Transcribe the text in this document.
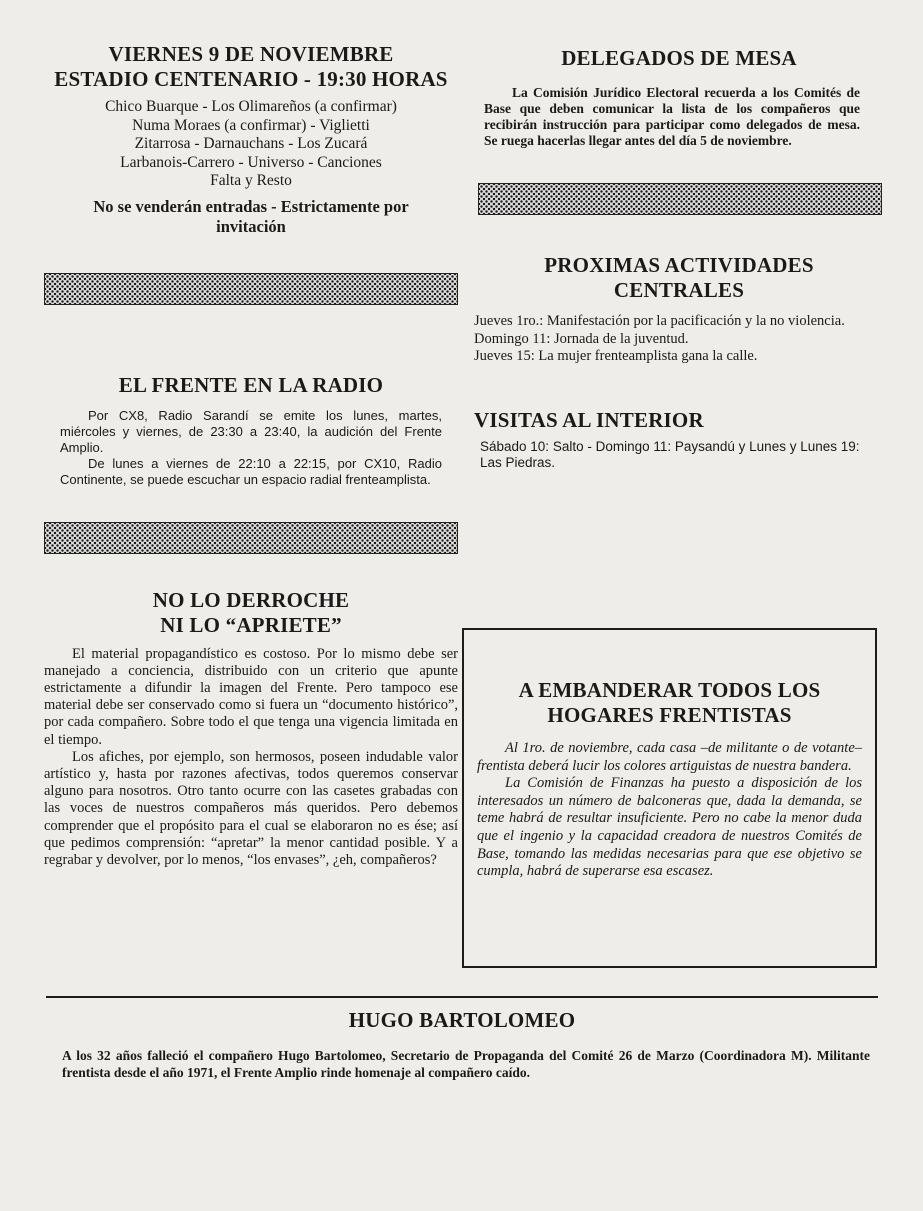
VIERNES 9 DE NOVIEMBRE
ESTADIO CENTENARIO - 19:30 HORAS
Chico Buarque - Los Olimareños (a confirmar)
Numa Moraes (a confirmar) - Viglietti
Zitarrosa - Darnauchans - Los Zucará
Larbanois-Carrero - Universo - Canciones
Falta y Resto

No se venderán entradas - Estrictamente por invitación

EL FRENTE EN LA RADIO

Por CX8, Radio Sarandí se emite los lunes, martes, miércoles y viernes, de 23:30 a 23:40, la audición del Frente Amplio.

De lunes a viernes de 22:10 a 22:15, por CX10, Radio Continente, se puede escuchar un espacio radial frenteamplista.

NO LO DERROCHE
NI LO “APRIETE”

El material propagandístico es costoso. Por lo mismo debe ser manejado a conciencia, distribuido con un criterio que apunte estrictamente a difundir la imagen del Frente. Pero tampoco ese material debe ser conservado como si fuera un “documento histórico”, por cada compañero. Sobre todo el que tenga una vigencia limitada en el tiempo.

Los afiches, por ejemplo, son hermosos, poseen indudable valor artístico y, hasta por razones afectivas, todos queremos conservar alguno para nosotros. Otro tanto ocurre con las casetes grabadas con las voces de nuestros compañeros más queridos. Pero debemos comprender que el propósito para el cual se elaboraron no es ése; así que pedimos comprensión: “apretar” la menor cantidad posible. Y a regrabar y devolver, por lo menos, “los envases”, ¿eh, compañeros?

DELEGADOS DE MESA

La Comisión Jurídico Electoral recuerda a los Comités de Base que deben comunicar la lista de los compañeros que recibirán instrucción para participar como delegados de mesa. Se ruega hacerlas llegar antes del día 5 de noviembre.

PROXIMAS ACTIVIDADES
CENTRALES

Jueves 1ro.: Manifestación por la pacificación y la no violencia.

Domingo 11: Jornada de la juventud.

Jueves 15: La mujer frenteamplista gana la calle.

VISITAS AL INTERIOR

Sábado 10: Salto - Domingo 11: Paysandú y Lunes y Lunes 19: Las Piedras.

A EMBANDERAR TODOS LOS
HOGARES FRENTISTAS

Al 1ro. de noviembre, cada casa –de militante o de votante– frentista deberá lucir los colores artiguistas de nuestra bandera.

La Comisión de Finanzas ha puesto a disposición de los interesados un número de balconeras que, dada la demanda, se teme habrá de resultar insuficiente. Pero no cabe la menor duda que el ingenio y la capacidad creadora de nuestros Comités de Base, tomando las medidas necesarias para que ese objetivo se cumpla, habrá de superarse esa escasez.

HUGO BARTOLOMEO

A los 32 años falleció el compañero Hugo Bartolomeo, Secretario de Propaganda del Comité 26 de Marzo (Coordinadora M). Militante frentista desde el año 1971, el Frente Amplio rinde homenaje al compañero caído.
